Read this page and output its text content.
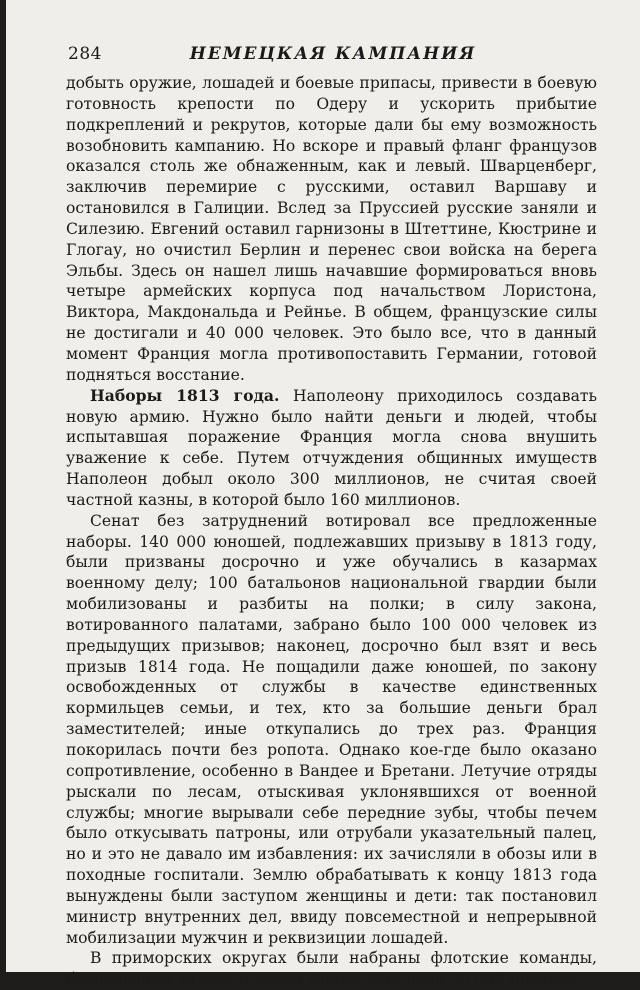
284	НЕМЕЦКАЯ КАМПАНИЯ

добыть оружие, лошадей и боевые припасы, привести в боевую готовность крепости по Одеру и ускорить прибытие подкреплений и рекрутов, которые дали бы ему возможность возобновить кампанию. Но вскоре и правый фланг французов оказался столь же обнаженным, как и левый. Шварценберг, заключив перемирие с русскими, оставил Варшаву и остановился в Галиции. Вслед за Пруссией русские заняли и Силезию. Евгений оставил гарнизоны в Штеттине, Кюстрине и Глогау, но очистил Берлин и перенес свои войска на берега Эльбы. Здесь он нашел лишь начавшие формироваться вновь четыре армейских корпуса под начальством Лористона, Виктора, Макдональда и Рейнье. В общем, французские силы не достигали и 40 000 человек. Это было все, что в данный момент Франция могла противопоставить Германии, готовой подняться восстание.

Наборы 1813 года. Наполеону приходилось создавать новую армию. Нужно было найти деньги и людей, чтобы испытавшая поражение Франция могла снова внушить уважение к себе. Путем отчуждения общинных имуществ Наполеон добыл около 300 миллионов, не считая своей частной казны, в которой было 160 миллионов.

Сенат без затруднений вотировал все предложенные наборы. 140 000 юношей, подлежавших призыву в 1813 году, были призваны досрочно и уже обучались в казармах военному делу; 100 батальонов национальной гвардии были мобилизованы и разбиты на полки; в силу закона, вотированного палатами, забрано было 100 000 человек из предыдущих призывов; наконец, досрочно был взят и весь призыв 1814 года. Не пощадили даже юношей, по закону освобожденных от службы в качестве единственных кормильцев семьи, и тех, кто за большие деньги брал заместителей; иные откупались до трех раз. Франция покорилась почти без ропота. Однако кое-где было оказано сопротивление, особенно в Вандее и Бретани. Летучие отряды рыскали по лесам, отыскивая уклонявшихся от военной службы; многие вырывали себе передние зубы, чтобы печем было откусывать патроны, или отрубали указательный палец, но и это не давало им избавления: их зачисляли в обозы или в походные госпитали. Землю обрабатывать к концу 1813 года вынуждены были заступом женщины и дети: так постановил министр внутренних дел, ввиду повсеместной и непрерывной мобилизации мужчин и реквизиции лошадей.

В приморских округах были набраны флотские команды, бесполезные за отсутствием флота. Они дали 30 000 прекрас-
